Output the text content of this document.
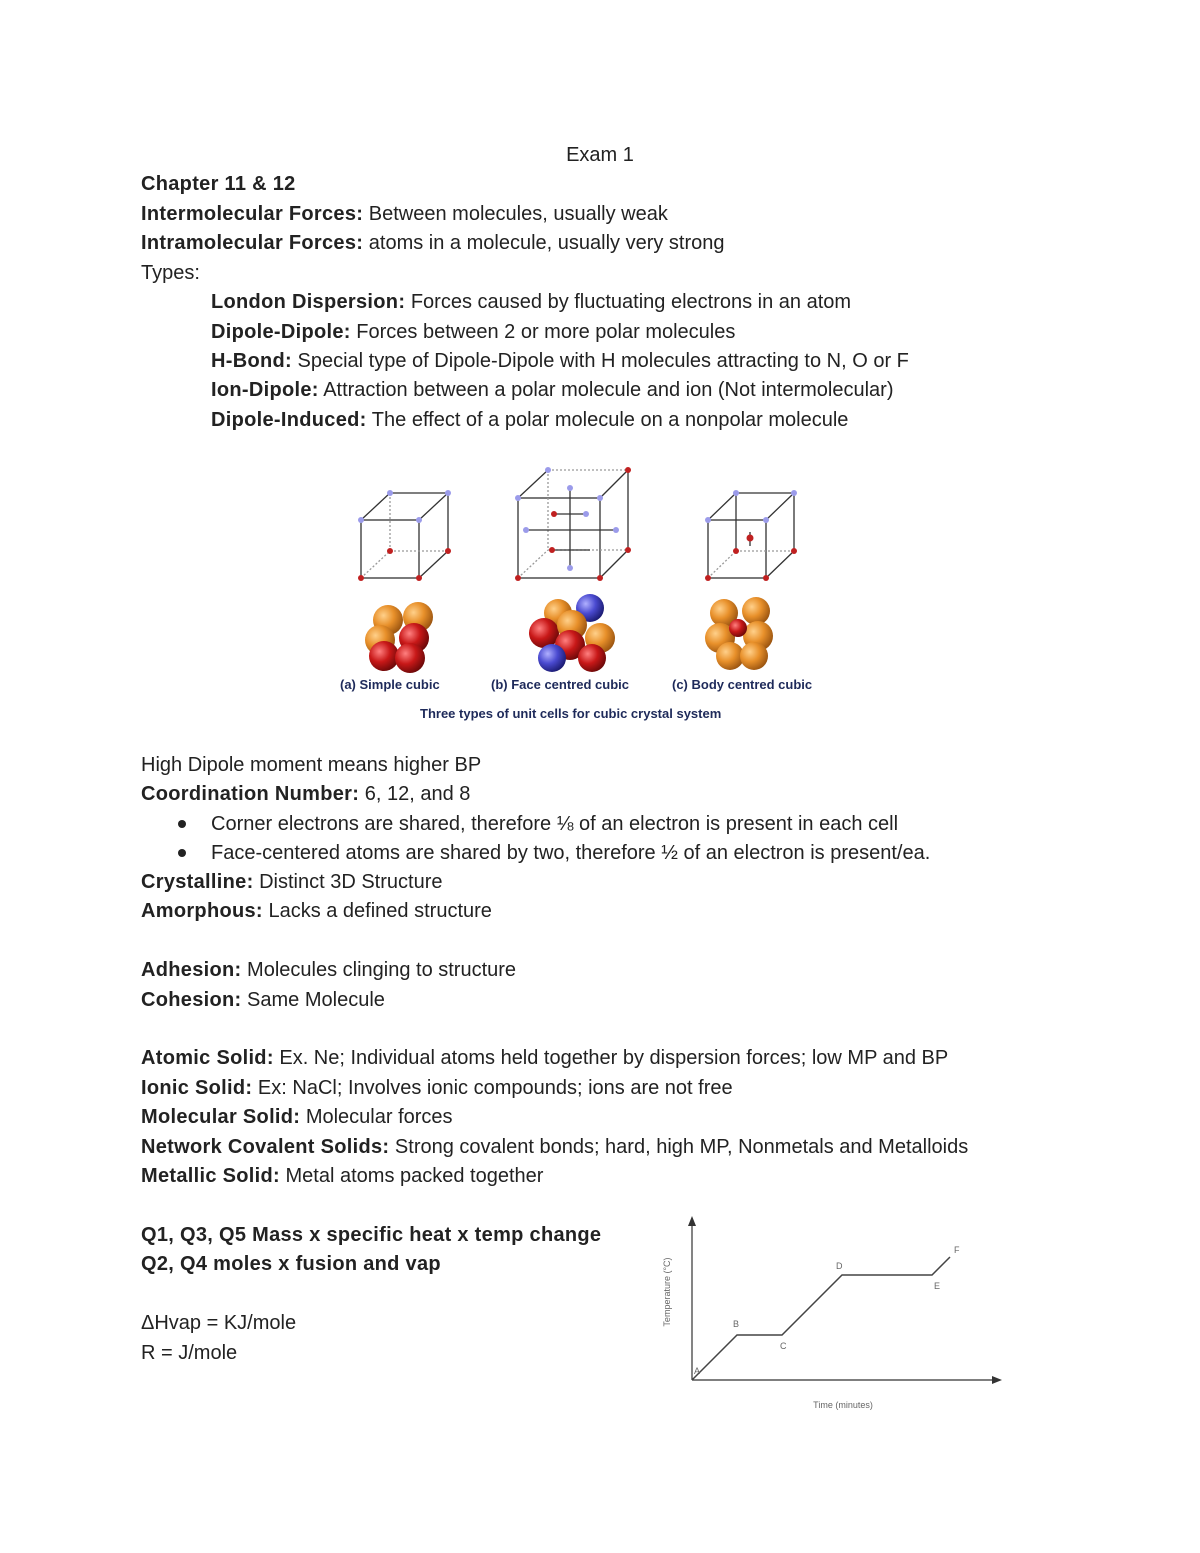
Exam 1
Chapter 11 & 12
Intermolecular Forces: Between molecules, usually weak
Intramolecular Forces: atoms in a molecule, usually very strong
Types:
London Dispersion: Forces caused by fluctuating electrons in an atom
Dipole-Dipole: Forces between 2 or more polar molecules
H-Bond: Special type of Dipole-Dipole with H molecules attracting to N, O or F
Ion-Dipole: Attraction between a polar molecule and ion (Not intermolecular)
Dipole-Induced: The effect of a polar molecule on a nonpolar molecule
(a) Simple cubic	(b) Face centred cubic	(c) Body centred cubic
Three types of unit cells for cubic crystal system
High Dipole moment means higher BP
Coordination Number: 6, 12, and 8
Corner electrons are shared, therefore ⅛ of an electron is present in each cell
Face-centered atoms are shared by two, therefore ½ of an electron is present/ea.
Crystalline: Distinct 3D Structure
Amorphous: Lacks a defined structure
Adhesion: Molecules clinging to structure
Cohesion: Same Molecule
Atomic Solid: Ex. Ne; Individual atoms held together by dispersion forces; low MP and BP
Ionic Solid: Ex: NaCl; Involves ionic compounds; ions are not free
Molecular Solid: Molecular forces
Network Covalent Solids: Strong covalent bonds; hard, high MP, Nonmetals and Metalloids
Metallic Solid: Metal atoms packed together
Q1, Q3, Q5 Mass x specific heat x temp change
Q2, Q4 moles x fusion and vap
ΔHvap = KJ/mole
R = J/mole
Time (minutes)
Temperature (°C)
A
B
C
D
E
F
